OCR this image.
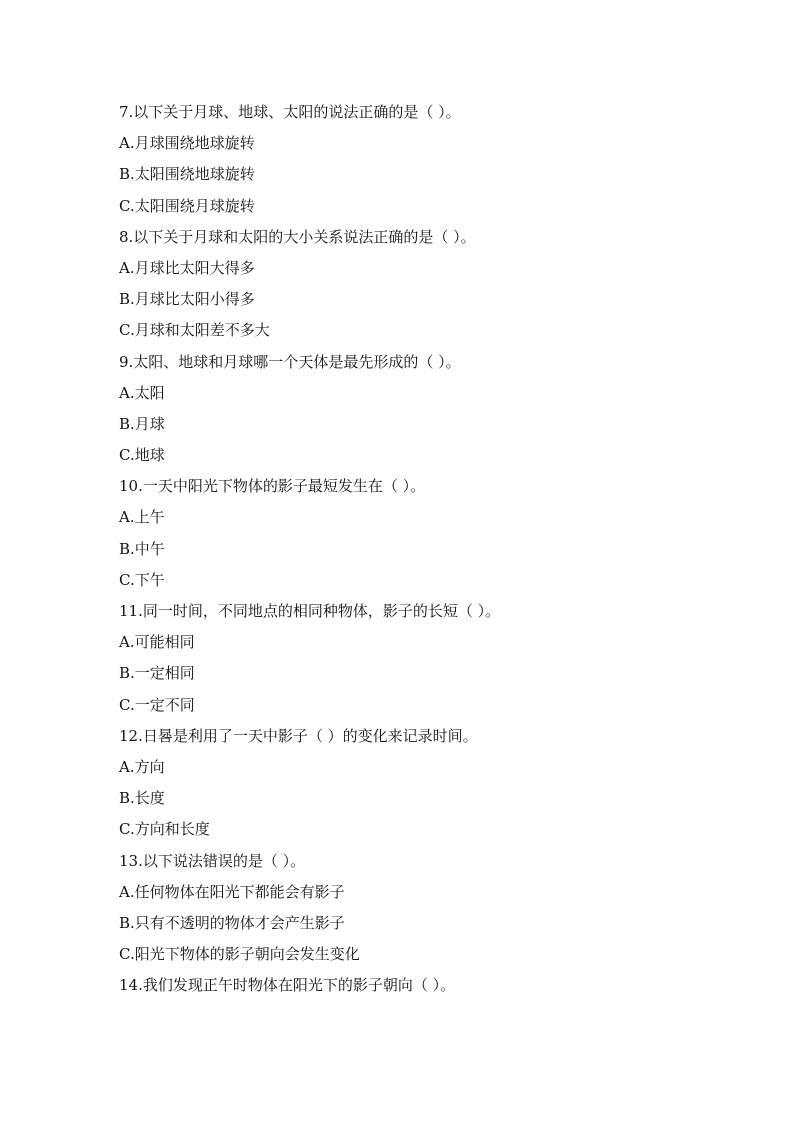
7.以下关于月球、地球、太阳的说法正确的是（ ）。
A.月球围绕地球旋转
B.太阳围绕地球旋转
C.太阳围绕月球旋转
8.以下关于月球和太阳的大小关系说法正确的是（ ）。
A.月球比太阳大得多
B.月球比太阳小得多
C.月球和太阳差不多大
9.太阳、地球和月球哪一个天体是最先形成的（ ）。
A.太阳
B.月球
C.地球
10.一天中阳光下物体的影子最短发生在（ ）。
A.上午
B.中午
C.下午
11.同一时间，不同地点的相同种物体，影子的长短（ ）。
A.可能相同
B.一定相同
C.一定不同
12.日晷是利用了一天中影子（ ）的变化来记录时间。
A.方向
B.长度
C.方向和长度
13.以下说法错误的是（ ）。
A.任何物体在阳光下都能会有影子
B.只有不透明的物体才会产生影子
C.阳光下物体的影子朝向会发生变化
14.我们发现正午时物体在阳光下的影子朝向（ ）。
